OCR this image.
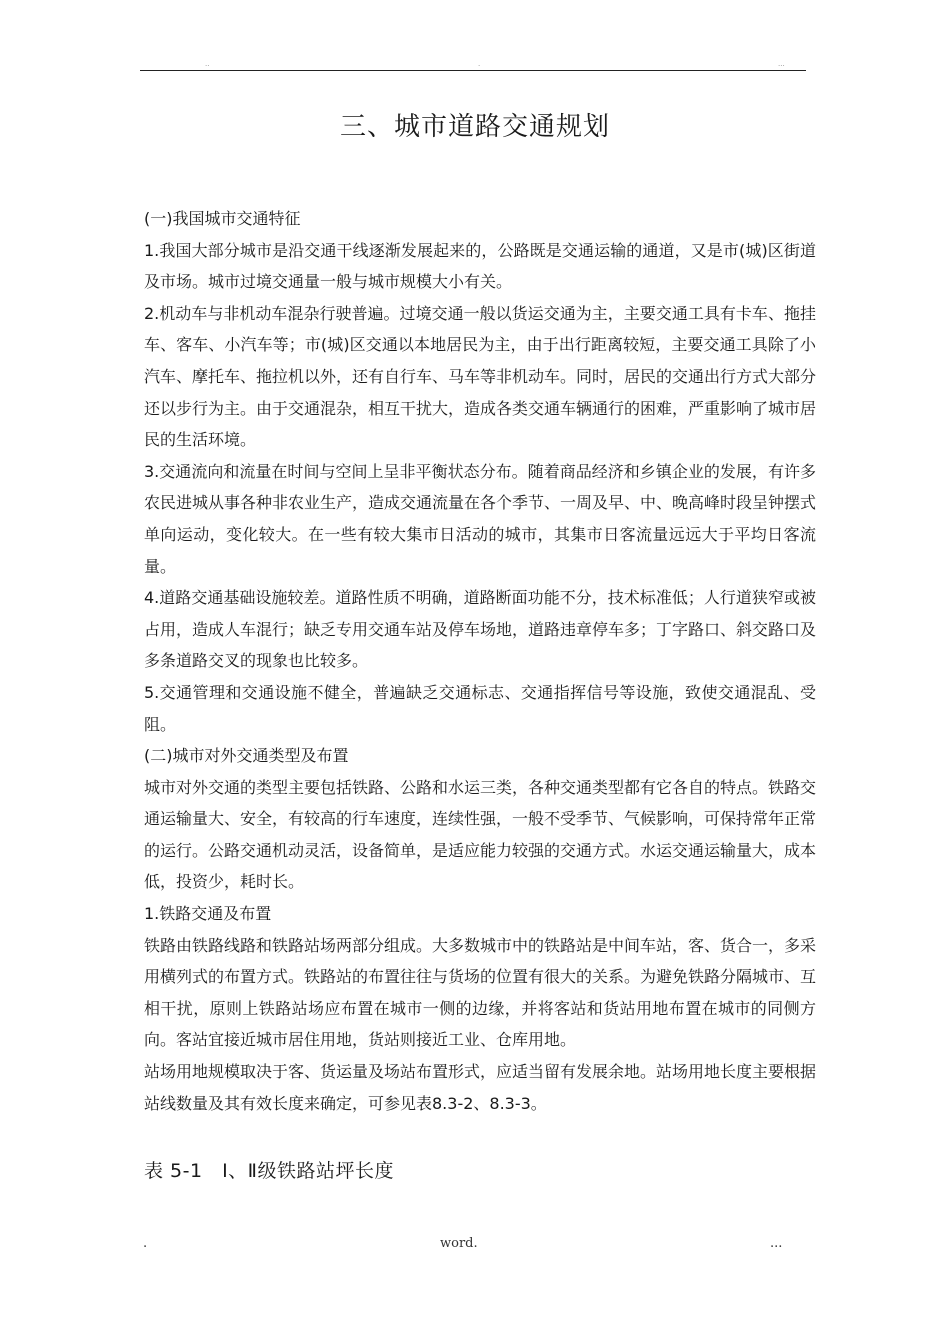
..	.	...
三、城市道路交通规划

(一)我国城市交通特征

1.我国大部分城市是沿交通干线逐渐发展起来的，公路既是交通运输的通道，又是市(城)区街道及市场。城市过境交通量一般与城市规模大小有关。

2.机动车与非机动车混杂行驶普遍。过境交通一般以货运交通为主，主要交通工具有卡车、拖挂车、客车、小汽车等；市(城)区交通以本地居民为主，由于出行距离较短，主要交通工具除了小汽车、摩托车、拖拉机以外，还有自行车、马车等非机动车。同时，居民的交通出行方式大部分还以步行为主。由于交通混杂，相互干扰大，造成各类交通车辆通行的困难，严重影响了城市居民的生活环境。

3.交通流向和流量在时间与空间上呈非平衡状态分布。随着商品经济和乡镇企业的发展，有许多农民进城从事各种非农业生产，造成交通流量在各个季节、一周及早、中、晚高峰时段呈钟摆式单向运动，变化较大。在一些有较大集市日活动的城市，其集市日客流量远远大于平均日客流量。

4.道路交通基础设施较差。道路性质不明确，道路断面功能不分，技术标准低；人行道狭窄或被占用，造成人车混行；缺乏专用交通车站及停车场地，道路违章停车多；丁字路口、斜交路口及多条道路交叉的现象也比较多。

5.交通管理和交通设施不健全，普遍缺乏交通标志、交通指挥信号等设施，致使交通混乱、受阻。

(二)城市对外交通类型及布置

城市对外交通的类型主要包括铁路、公路和水运三类，各种交通类型都有它各自的特点。铁路交通运输量大、安全，有较高的行车速度，连续性强，一般不受季节、气候影响，可保持常年正常的运行。公路交通机动灵活，设备简单，是适应能力较强的交通方式。水运交通运输量大，成本低，投资少，耗时长。

1.铁路交通及布置

铁路由铁路线路和铁路站场两部分组成。大多数城市中的铁路站是中间车站，客、货合一，多采用横列式的布置方式。铁路站的布置往往与货场的位置有很大的关系。为避免铁路分隔城市、互相干扰，原则上铁路站场应布置在城市一侧的边缘，并将客站和货站用地布置在城市的同侧方向。客站宜接近城市居住用地，货站则接近工业、仓库用地。

站场用地规模取决于客、货运量及场站布置形式，应适当留有发展余地。站场用地长度主要根据站线数量及其有效长度来确定，可参见表8.3-2、8.3-3。

表 5-1　Ⅰ、Ⅱ级铁路站坪长度
.	word.	...
